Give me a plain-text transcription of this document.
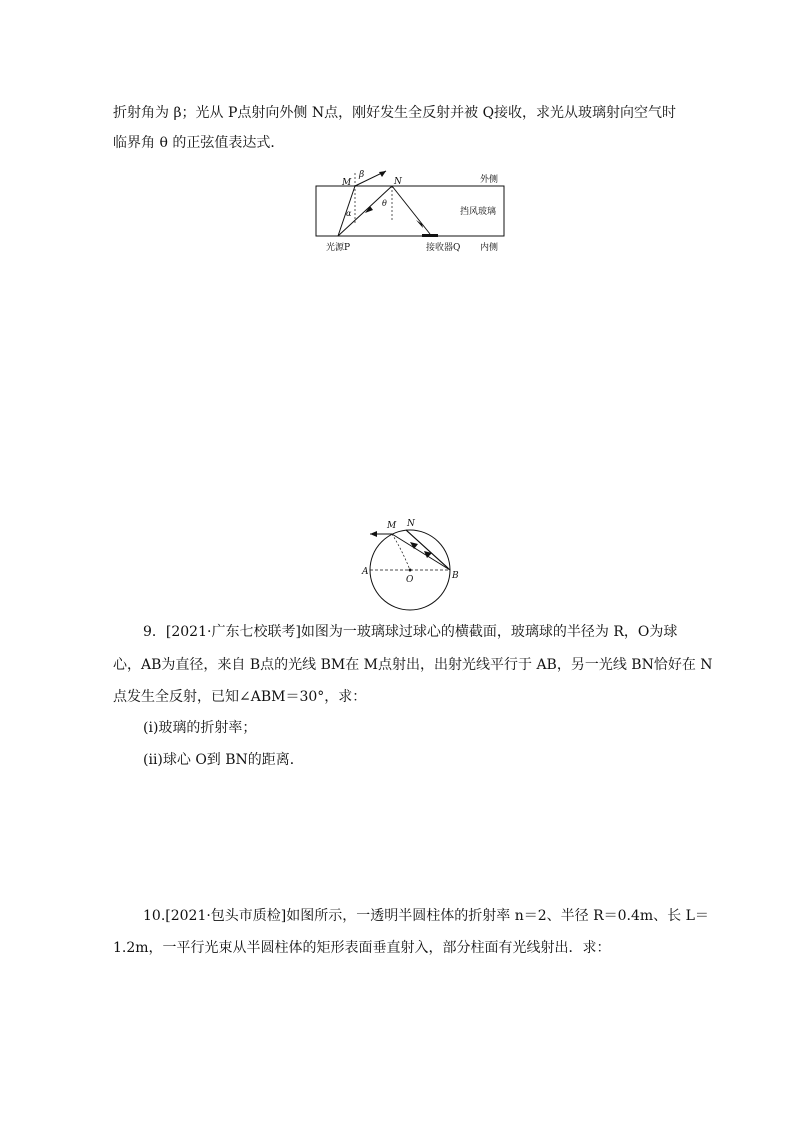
折射角为 β；光从 P点射向外侧 N点，刚好发生全反射并被 Q接收，求光从玻璃射向空气时
临界角 θ 的正弦值表达式．
M	N
β
α
θ
外侧
挡风玻璃
光源P	接收器Q 内侧
M N
A	B
O
9．[2021·广东七校联考]如图为一玻璃球过球心的横截面，玻璃球的半径为 R，O为球
心，AB为直径，来自 B点的光线 BM在 M点射出，出射光线平行于 AB，另一光线 BN恰好在 N
点发生全反射，已知∠ABM＝30°，求：
(ⅰ)玻璃的折射率；
(ⅱ)球心 O到 BN的距离．
10.[2021·包头市质检]如图所示，一透明半圆柱体的折射率 n＝2、半径 R＝0.4m、长 L＝
1.2m，一平行光束从半圆柱体的矩形表面垂直射入，部分柱面有光线射出．求：
